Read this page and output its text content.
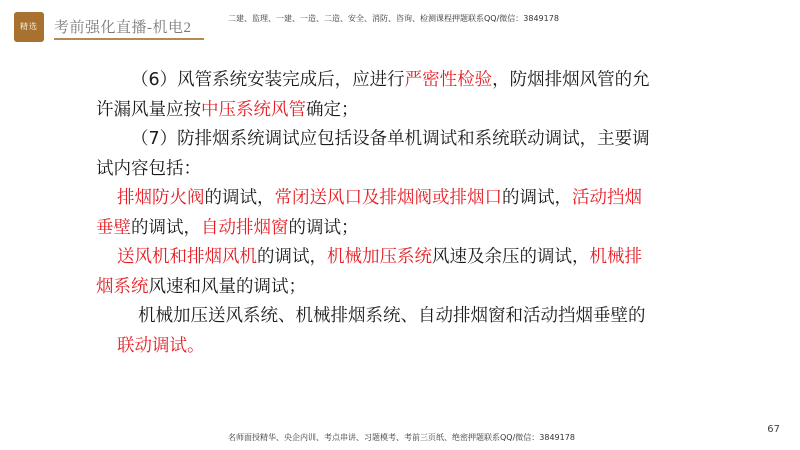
精选	考前强化直播-机电2
二建、监理、一建、一造、二造、安全、消防、咨询、检测课程押题联系QQ/微信：3849178

（6）风管系统安装完成后，应进行严密性检验，防烟排烟风管的允许漏风量应按中压系统风管确定；

（7）防排烟系统调试应包括设备单机调试和系统联动调试，主要调试内容包括：

排烟防火阀的调试，常闭送风口及排烟阀或排烟口的调试，活动挡烟垂壁的调试，自动排烟窗的调试；

送风机和排烟风机的调试，机械加压系统风速及余压的调试，机械排烟系统风速和风量的调试；

机械加压送风系统、机械排烟系统、自动排烟窗和活动挡烟垂壁的联动调试。

67
名师面授精华、央企内训、考点串讲、习题模考、考前三页纸、绝密押题联系QQ/微信：3849178
